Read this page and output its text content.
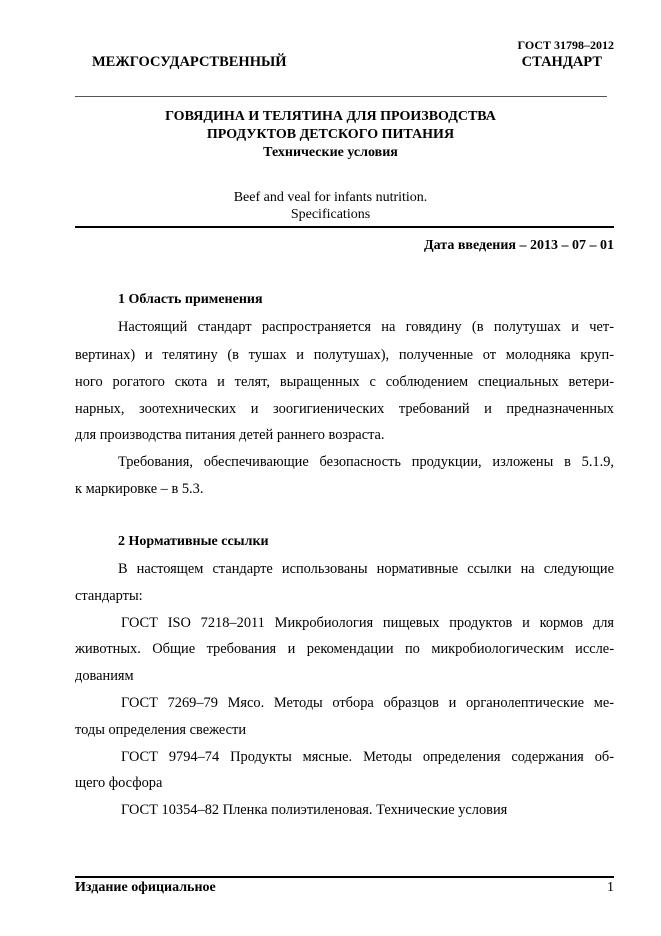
ГОСТ 31798–2012
МЕЖГОСУДАРСТВЕННЫЙ СТАНДАРТ
ГОВЯДИНА И ТЕЛЯТИНА ДЛЯ ПРОИЗВОДСТВА
ПРОДУКТОВ ДЕТСКОГО ПИТАНИЯ
Технические условия
Beef and veal for infants nutrition.
Specifications
Дата введения – 2013 – 07 – 01
1 Область применения
Настоящий стандарт распространяется на говядину (в полутушах и чет-
вертинах) и телятину (в тушах и полутушах), полученные от молодняка круп-
ного рогатого скота и телят, выращенных с соблюдением специальных ветери-
нарных, зоотехнических и зоогигиенических требований и предназначенных
для производства питания детей раннего возраста.
Требования, обеспечивающие безопасность продукции, изложены в 5.1.9,
к маркировке – в 5.3.
2 Нормативные ссылки
В настоящем стандарте использованы нормативные ссылки на следующие
стандарты:
ГОСТ ISO 7218–2011 Микробиология пищевых продуктов и кормов для
животных. Общие требования и рекомендации по микробиологическим иссле-
дованиям
ГОСТ 7269–79 Мясо. Методы отбора образцов и органолептические ме-
тоды определения свежести
ГОСТ 9794–74 Продукты мясные. Методы определения содержания об-
щего фосфора
ГОСТ 10354–82 Пленка полиэтиленовая. Технические условия
Издание официальное	1
